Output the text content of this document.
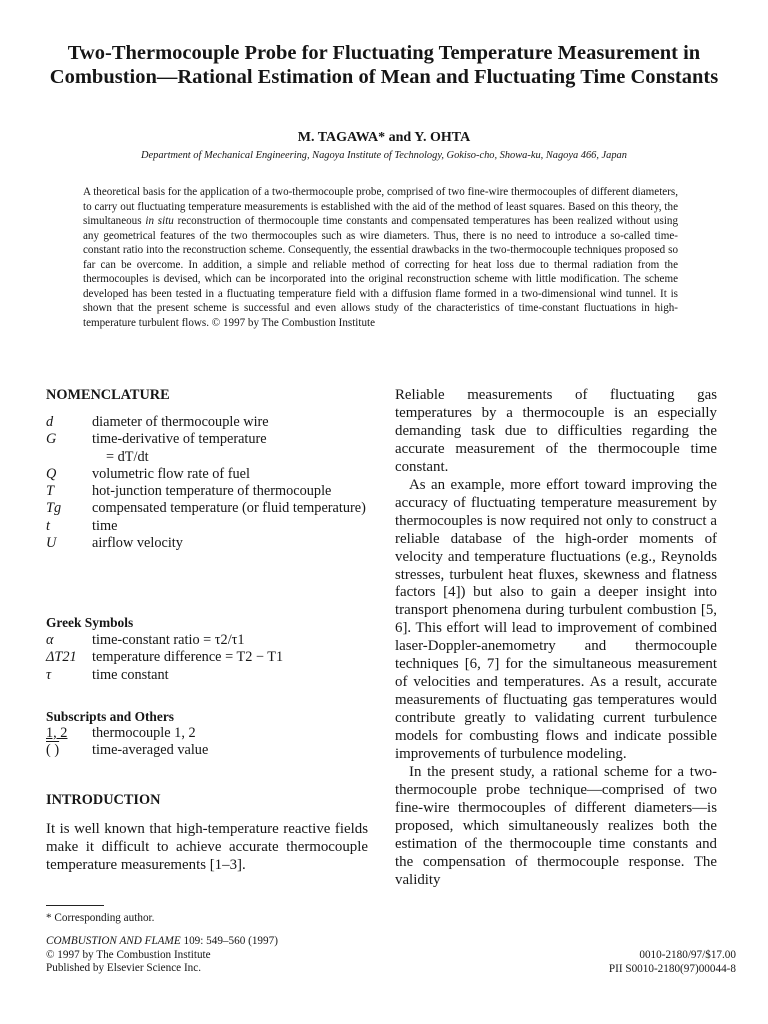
Two-Thermocouple Probe for Fluctuating Temperature Measurement in Combustion—Rational Estimation of Mean and Fluctuating Time Constants
M. TAGAWA* and Y. OHTA
Department of Mechanical Engineering, Nagoya Institute of Technology, Gokiso-cho, Showa-ku, Nagoya 466, Japan

A theoretical basis for the application of a two-thermocouple probe, comprised of two fine-wire thermocouples of different diameters, to carry out fluctuating temperature measurements is established with the aid of the method of least squares. Based on this theory, the simultaneous in situ reconstruction of thermocouple time constants and compensated temperatures has been realized without using any geometrical features of the two thermocouples such as wire diameters. Thus, there is no need to introduce a so-called time-constant ratio into the reconstruction scheme. Consequently, the essential drawbacks in the two-thermocouple techniques proposed so far can be overcome. In addition, a simple and reliable method of correcting for heat loss due to thermal radiation from the thermocouples is devised, which can be incorporated into the original reconstruction scheme with little modification. The scheme developed has been tested in a fluctuating temperature field with a diffusion flame formed in a two-dimensional wind tunnel. It is shown that the present scheme is successful and even allows study of the characteristics of time-constant fluctuations in high-temperature turbulent flows. © 1997 by The Combustion Institute

NOMENCLATURE
d	diameter of thermocouple wire
G	time-derivative of temperature
= dT/dt
Q	volumetric flow rate of fuel
T	hot-junction temperature of thermocouple
Tg	compensated temperature (or fluid temperature)
t	time
U	airflow velocity
Greek Symbols
α	time-constant ratio = τ2/τ1
ΔT21	temperature difference = T2 − T1
τ	time constant
Subscripts and Others
1, 2	thermocouple 1, 2
( )	time-averaged value
INTRODUCTION

It is well known that high-temperature reactive fields make it difficult to achieve accurate thermocouple temperature measurements [1–3].

* Corresponding author.
COMBUSTION AND FLAME 109: 549–560 (1997)
© 1997 by The Combustion Institute
Published by Elsevier Science Inc.

Reliable measurements of fluctuating gas temperatures by a thermocouple is an especially demanding task due to difficulties regarding the accurate measurement of the thermocouple time constant.

As an example, more effort toward improving the accuracy of fluctuating temperature measurement by thermocouples is now required not only to construct a reliable database of the high-order moments of velocity and temperature fluctuations (e.g., Reynolds stresses, turbulent heat fluxes, skewness and flatness factors [4]) but also to gain a deeper insight into transport phenomena during turbulent combustion [5, 6]. This effort will lead to improvement of combined laser-Doppler-anemometry and thermocouple techniques [6, 7] for the simultaneous measurement of velocities and temperatures. As a result, accurate measurements of fluctuating gas temperatures would contribute greatly to validating current turbulence models for combusting flows and indicate possible improvements of turbulence modeling.

In the present study, a rational scheme for a two-thermocouple probe technique—comprised of two fine-wire thermocouples of different diameters—is proposed, which simultaneously realizes both the estimation of the thermocouple time constants and the compensation of thermocouple response. The validity

0010-2180/97/$17.00
PII S0010-2180(97)00044-8
